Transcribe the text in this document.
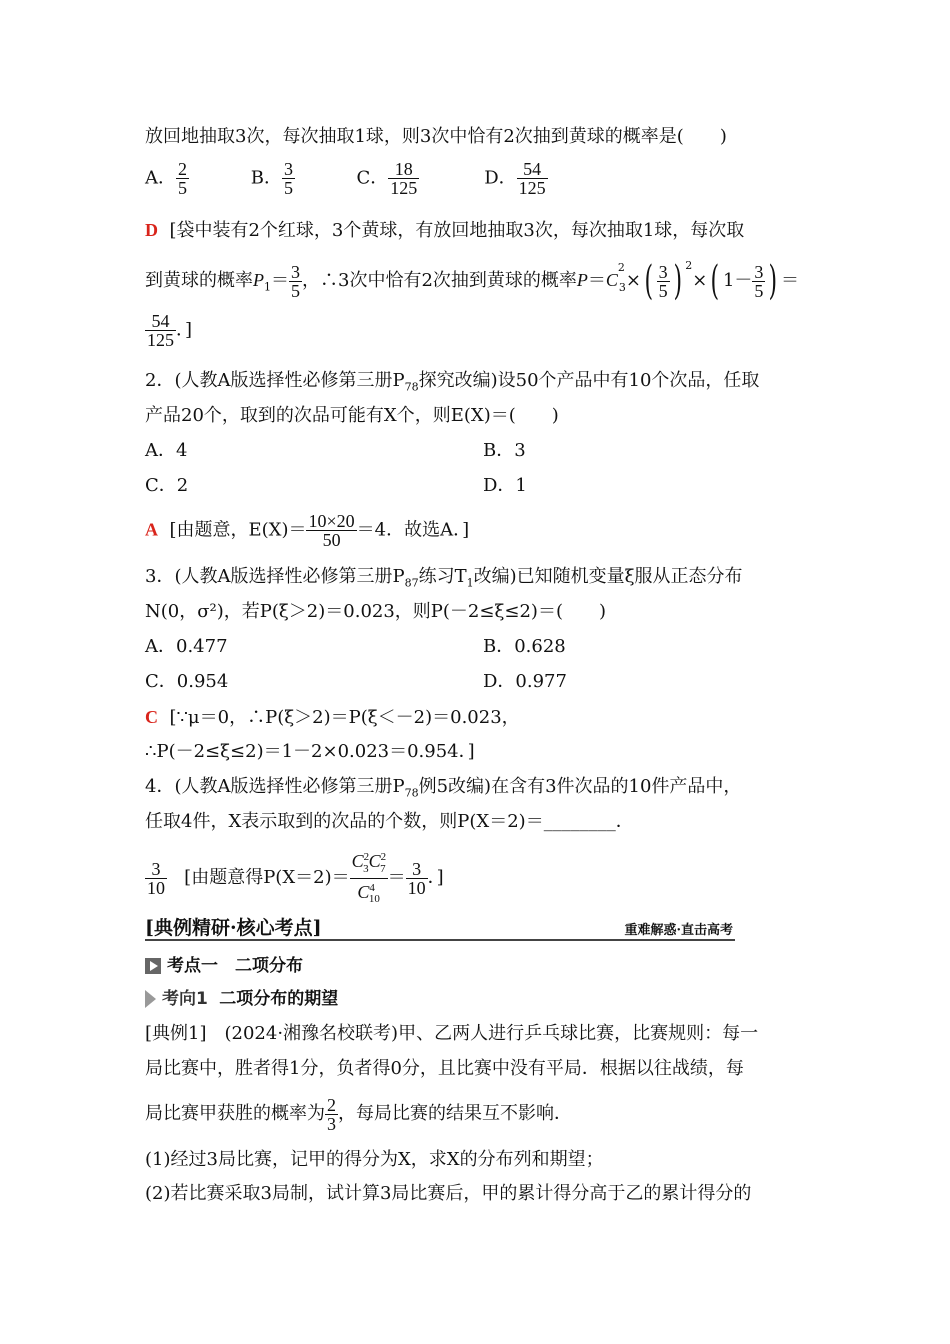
放回地抽取3次，每次抽取1球，则3次中恰有2次抽到黄球的概率是(　　)
A． $\frac{2}{5}$	B． $\frac{3}{5}$	C． $\frac{18}{125}$	D． $\frac{54}{125}$
D [袋中装有2个红球，3个黄球，有放回地抽取3次，每次抽取1球，每次取
到黄球的概率$P_1= \frac{3}{5}$ ，∴3次中恰有2次抽到黄球的概率$P=C^2_3\times( \frac{3}{5}$ ) $^2$×( $1- \frac{3}{5}$ ) ＝
$\frac{54}{125}$ ．]
2．(人教A版选择性必修第三册$P_{78}$探究改编)设50个产品中有10个次品，任取
产品20个，取到的次品可能有X个，则E(X)＝(　　)
A．4	B．3
C．2	D．1
A [由题意，$E(X)= \frac{10\times 20}{50} =4$．故选A．]
3．(人教A版选择性必修第三册$P_{87}$练习$T_1$改编)已知随机变量ξ服从正态分布
N(0，σ²)，若P(ξ＞2)＝0.023，则P(－2≤ξ≤2)＝(　　)
A．0.477	B．0.628
C．0.954	D．0.977
C [∵μ＝0，∴P(ξ＞2)＝P(ξ＜－2)＝0.023，
∴P(－2≤ξ≤2)＝1－2×0.023＝0.954．]
4．(人教A版选择性必修第三册$P_{78}$例5改编)在含有3件次品的10件产品中，
任取4件，X表示取到的次品的个数，则P(X＝2)＝________．
$\frac{3}{10}$ [由题意得$P(X=2)= \frac{C^2_3C^2_7}{C^4_{10}} = \frac{3}{10}$ ．]
[典例精研·核心考点]	重难解惑·直击高考
考点一　二项分布
考向1 二项分布的期望
[典例1]　(2024·湘豫名校联考)甲、乙两人进行乒乓球比赛，比赛规则：每一
局比赛中，胜者得1分，负者得0分，且比赛中没有平局．根据以往战绩，每
局比赛甲获胜的概率为 $\frac{2}{3}$ ，每局比赛的结果互不影响．
(1)经过3局比赛，记甲的得分为X，求X的分布列和期望；
(2)若比赛采取3局制，试计算3局比赛后，甲的累计得分高于乙的累计得分的
